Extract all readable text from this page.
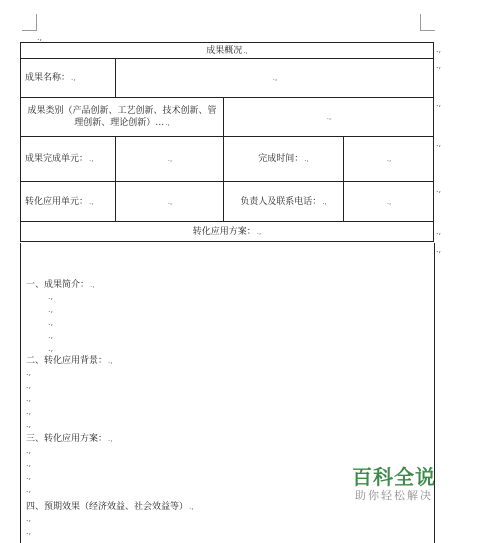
.,
成果概况.,			
成果名称：.,	.,		
成果类别（产品创新、工艺创新、技术创新、管理创新、理论创新）….,		.,	
成果完成单元：.,	.,	完成时间：.,	.,
转化应用单元：.,	.,	负责人及联系电话：.,	.,
转化应用方案：.,			
.,
.,
.,
.,
.,
.,
.,
一、成果简介：.,
.,
.,
.,
.,
.,
二、转化应用背景：.,
.,
.,
.,
.,
.,
三、转化应用方案：.,
.,
.,
.,
.,
四、预期效果（经济效益、社会效益等）.,
.,
.,
百科全说
助你轻松解决
